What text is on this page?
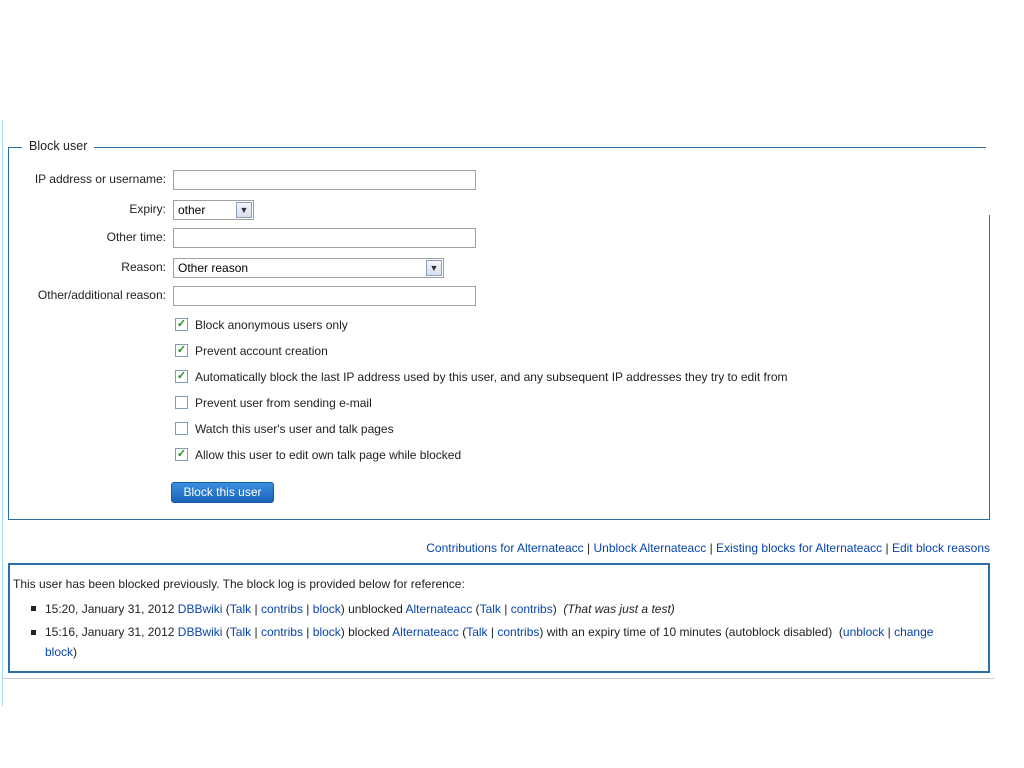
Block user
IP address or username:
Expiry:	other	▼
Other time:
Reason:	Other reason	▼
Other/additional reason:
✓ Block anonymous users only
✓ Prevent account creation
✓ Automatically block the last IP address used by this user, and any subsequent IP addresses they try to edit from
Prevent user from sending e-mail
Watch this user's user and talk pages
✓ Allow this user to edit own talk page while blocked
Block this user
Contributions for Alternateacc | Unblock Alternateacc | Existing blocks for Alternateacc | Edit block reasons
This user has been blocked previously. The block log is provided below for reference:
15:20, January 31, 2012 DBBwiki (Talk | contribs | block) unblocked Alternateacc (Talk | contribs)  (That was just a test)
15:16, January 31, 2012 DBBwiki (Talk | contribs | block) blocked Alternateacc (Talk | contribs) with an expiry time of 10 minutes (autoblock disabled)  (unblock | change
block)
